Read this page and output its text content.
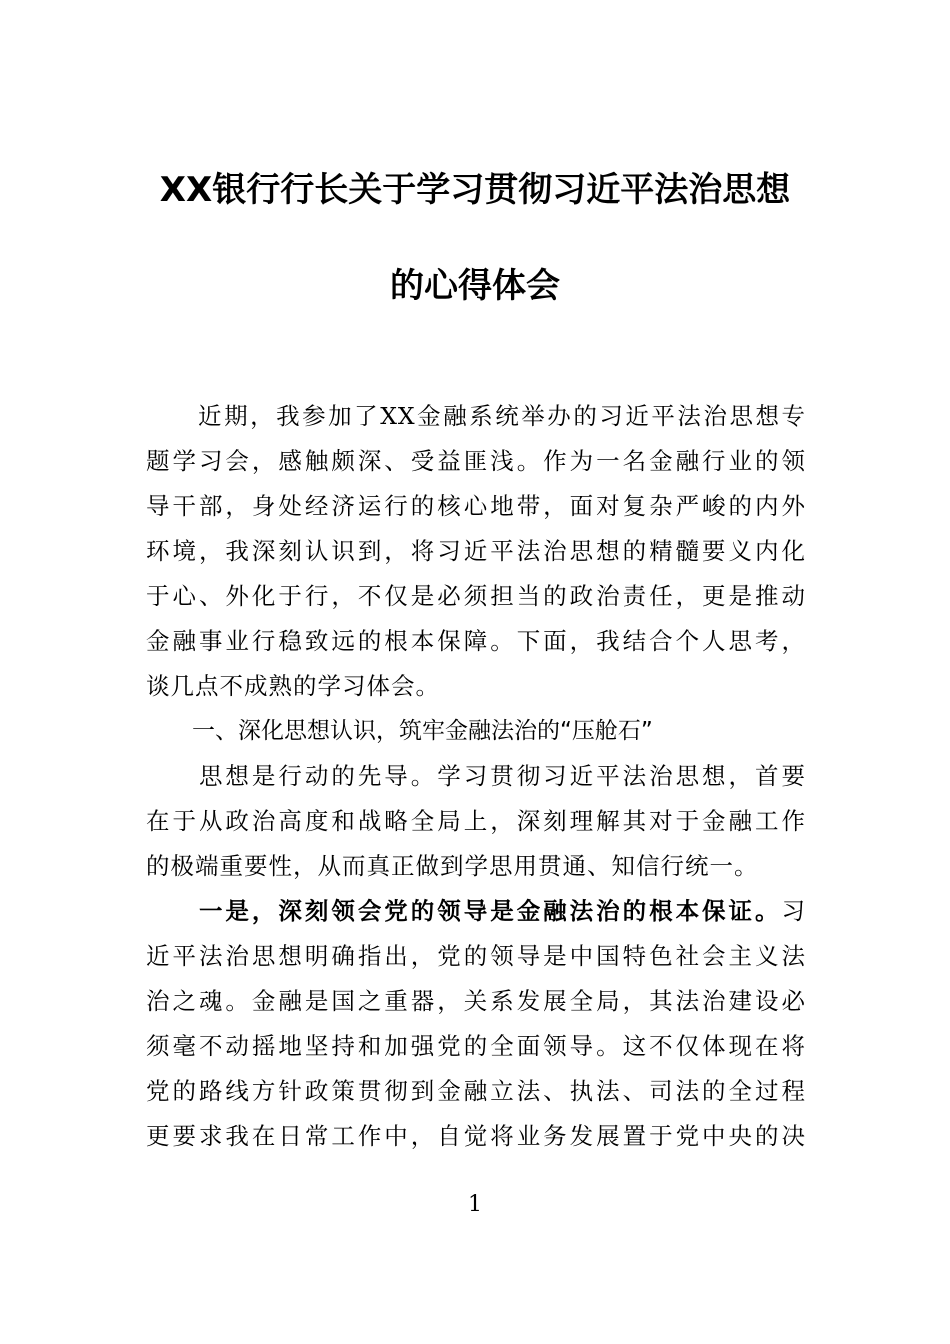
XX银行行长关于学习贯彻习近平法治思想
的心得体会
　　近期，我参加了XX金融系统举办的习近平法治思想专
题学习会，感触颇深、受益匪浅。作为一名金融行业的领
导干部，身处经济运行的核心地带，面对复杂严峻的内外
环境，我深刻认识到，将习近平法治思想的精髓要义内化
于心、外化于行，不仅是必须担当的政治责任，更是推动
金融事业行稳致远的根本保障。下面，我结合个人思考，
谈几点不成熟的学习体会。
　　一、深化思想认识，筑牢金融法治的“压舱石”
　　思想是行动的先导。学习贯彻习近平法治思想，首要
在于从政治高度和战略全局上，深刻理解其对于金融工作
的极端重要性，从而真正做到学思用贯通、知信行统一。
　　一是，深刻领会党的领导是金融法治的根本保证。习
近平法治思想明确指出，党的领导是中国特色社会主义法
治之魂。金融是国之重器，关系发展全局，其法治建设必
须毫不动摇地坚持和加强党的全面领导。这不仅体现在将
党的路线方针政策贯彻到金融立法、执法、司法的全过程
更要求我在日常工作中，自觉将业务发展置于党中央的决
1
